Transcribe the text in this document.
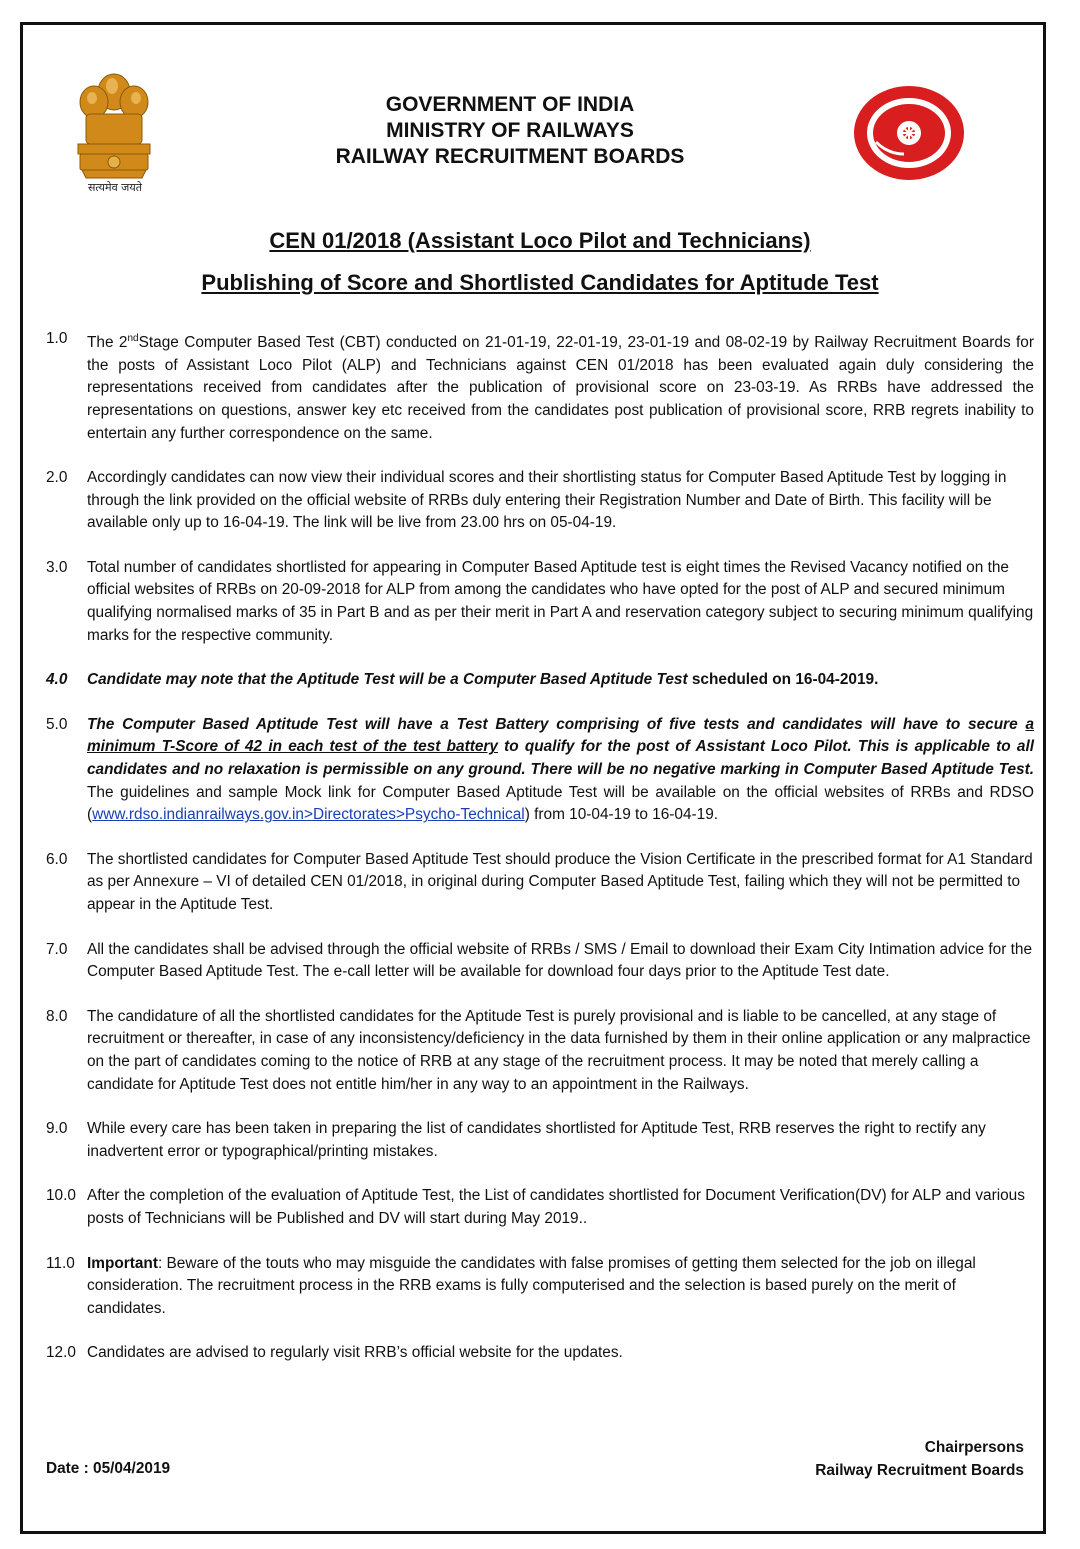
सत्यमेव जयते
GOVERNMENT OF INDIA
MINISTRY OF RAILWAYS
RAILWAY RECRUITMENT BOARDS
CEN 01/2018 (Assistant Loco Pilot and Technicians)
Publishing of Score and Shortlisted Candidates for Aptitude Test
1.0	The 2ndStage Computer Based Test (CBT) conducted on 21-01-19, 22-01-19, 23-01-19 and 08-02-19 by Railway Recruitment Boards for the posts of Assistant Loco Pilot (ALP) and Technicians against CEN 01/2018 has been evaluated again duly considering the representations received from candidates after the publication of provisional score on 23-03-19. As RRBs have addressed the representations on questions, answer key etc received from the candidates post publication of provisional score, RRB regrets inability to entertain any further correspondence on the same.
2.0	Accordingly candidates can now view their individual scores and their shortlisting status for Computer Based Aptitude Test by logging in through the link provided on the official website of RRBs duly entering their Registration Number and Date of Birth. This facility will be available only up to 16-04-19. The link will be live from 23.00 hrs on 05-04-19.
3.0	Total number of candidates shortlisted for appearing in Computer Based Aptitude test is eight times the Revised Vacancy notified on the official websites of RRBs on 20-09-2018 for ALP from among the candidates who have opted for the post of ALP and secured minimum qualifying normalised marks of 35 in Part B and as per their merit in Part A and reservation category subject to securing minimum qualifying marks for the respective community.
4.0	Candidate may note that the Aptitude Test will be a Computer Based Aptitude Test scheduled on 16-04-2019.
5.0	The Computer Based Aptitude Test will have a Test Battery comprising of five tests and candidates will have to secure a minimum T-Score of 42 in each test of the test battery to qualify for the post of Assistant Loco Pilot. This is applicable to all candidates and no relaxation is permissible on any ground. There will be no negative marking in Computer Based Aptitude Test. The guidelines and sample Mock link for Computer Based Aptitude Test will be available on the official websites of RRBs and RDSO (www.rdso.indianrailways.gov.in>Directorates>Psycho-Technical) from 10-04-19 to 16-04-19.
6.0	The shortlisted candidates for Computer Based Aptitude Test should produce the Vision Certificate in the prescribed format for A1 Standard as per Annexure – VI of detailed CEN 01/2018, in original during Computer Based Aptitude Test, failing which they will not be permitted to appear in the Aptitude Test.
7.0	All the candidates shall be advised through the official website of RRBs / SMS / Email to download their Exam City Intimation advice for the Computer Based Aptitude Test. The e-call letter will be available for download four days prior to the Aptitude Test date.
8.0	The candidature of all the shortlisted candidates for the Aptitude Test is purely provisional and is liable to be cancelled, at any stage of recruitment or thereafter, in case of any inconsistency/deficiency in the data furnished by them in their online application or any malpractice on the part of candidates coming to the notice of RRB at any stage of the recruitment process. It may be noted that merely calling a candidate for Aptitude Test does not entitle him/her in any way to an appointment in the Railways.
9.0	While every care has been taken in preparing the list of candidates shortlisted for Aptitude Test, RRB reserves the right to rectify any inadvertent error or typographical/printing mistakes.
10.0 After the completion of the evaluation of Aptitude Test, the List of candidates shortlisted for Document Verification(DV) for ALP and various posts of Technicians will be Published and DV will start during May 2019..
11.0 Important: Beware of the touts who may misguide the candidates with false promises of getting them selected for the job on illegal consideration. The recruitment process in the RRB exams is fully computerised and the selection is based purely on the merit of candidates.
12.0 Candidates are advised to regularly visit RRB’s official website for the updates.
Chairpersons
Railway Recruitment Boards
Date : 05/04/2019
